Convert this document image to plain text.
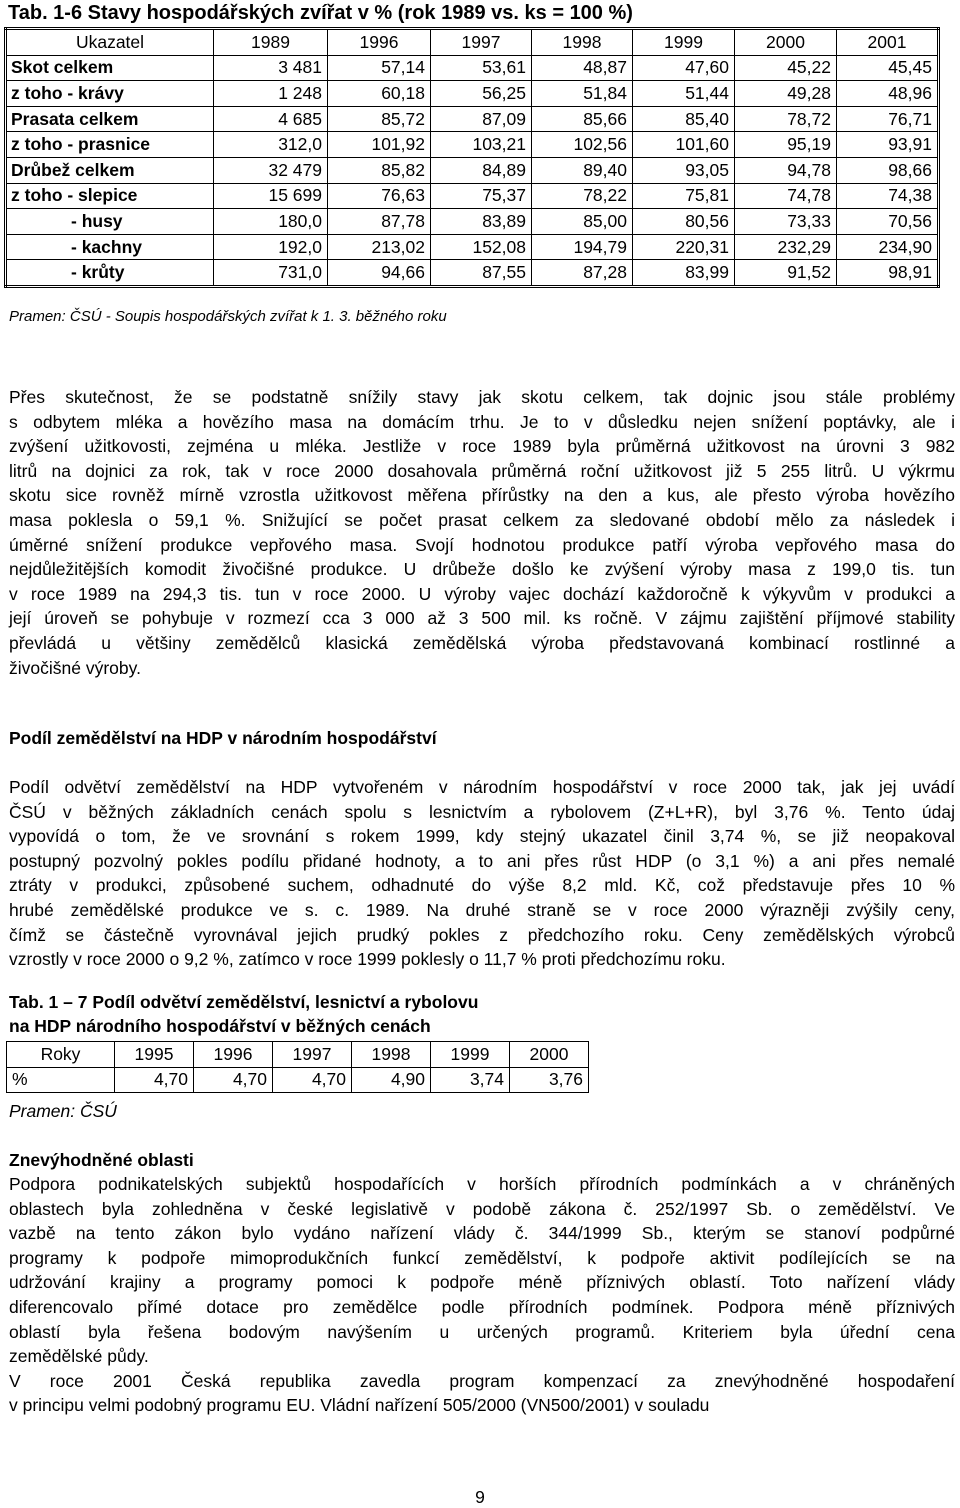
Tab. 1-6 Stavy hospodářských zvířat v % (rok 1989 vs. ks = 100 %)
Ukazatel	1989	1996	1997	1998	1999	2000	2001
Skot celkem	3 481	57,14	53,61	48,87	47,60	45,22	45,45
z toho - krávy	1 248	60,18	56,25	51,84	51,44	49,28	48,96
Prasata celkem	4 685	85,72	87,09	85,66	85,40	78,72	76,71
z toho - prasnice	312,0	101,92	103,21	102,56	101,60	95,19	93,91
Drůbež celkem	32 479	85,82	84,89	89,40	93,05	94,78	98,66
z toho - slepice	15 699	76,63	75,37	78,22	75,81	74,78	74,38
- husy	180,0	87,78	83,89	85,00	80,56	73,33	70,56
- kachny	192,0	213,02	152,08	194,79	220,31	232,29	234,90
- krůty	731,0	94,66	87,55	87,28	83,99	91,52	98,91
Pramen: ČSÚ - Soupis hospodářských zvířat k 1. 3. běžného roku
Přes skutečnost, že se podstatně snížily stavy jak skotu celkem, tak dojnic jsou stále problémy
s odbytem mléka a hovězího masa na domácím trhu. Je to v důsledku nejen snížení poptávky, ale i
zvýšení užitkovosti, zejména u mléka. Jestliže v roce 1989 byla průměrná užitkovost na úrovni 3 982
litrů na dojnici za rok, tak v roce 2000 dosahovala průměrná roční užitkovost již 5 255 litrů. U výkrmu
skotu sice rovněž mírně vzrostla užitkovost měřena přírůstky na den a kus, ale přesto výroba hovězího
masa poklesla o 59,1 %. Snižující se počet prasat celkem za sledované období mělo za následek i
úměrné snížení produkce vepřového masa. Svojí hodnotou produkce patří výroba vepřového masa do
nejdůležitějších komodit živočišné produkce. U drůbeže došlo ke zvýšení výroby masa z 199,0 tis. tun
v roce 1989 na 294,3 tis. tun v roce 2000. U výroby vajec dochází každoročně k výkyvům v produkci a
její úroveň se pohybuje v rozmezí cca 3 000 až 3 500 mil. ks ročně. V zájmu zajištění příjmové stability
převládá u většiny zemědělců klasická zemědělská výroba představovaná kombinací rostlinné a
živočišné výroby.
Podíl zemědělství na HDP v národním hospodářství
Podíl odvětví zemědělství na HDP vytvořeném v národním hospodářství v roce 2000 tak, jak jej uvádí
ČSÚ v běžných základních cenách spolu s lesnictvím a rybolovem (Z+L+R), byl 3,76 %. Tento údaj
vypovídá o tom, že ve srovnání s rokem 1999, kdy stejný ukazatel činil 3,74 %, se již neopakoval
postupný pozvolný pokles podílu přidané hodnoty, a to ani přes růst HDP (o 3,1 %) a ani přes nemalé
ztráty v produkci, způsobené suchem, odhadnuté do výše 8,2 mld. Kč, což představuje přes 10 %
hrubé zemědělské produkce ve s. c. 1989. Na druhé straně se v roce 2000 výrazněji zvýšily ceny,
čímž se částečně vyrovnával jejich prudký pokles z předchozího roku. Ceny zemědělských výrobců
vzrostly v roce 2000 o 9,2 %, zatímco v roce 1999 poklesly o 11,7 % proti předchozímu roku.
Tab. 1 – 7 Podíl odvětví zemědělství, lesnictví a rybolovu
na HDP národního hospodářství v běžných cenách
Roky	1995	1996	1997	1998	1999	2000
%	4,70	4,70	4,70	4,90	3,74	3,76
Pramen: ČSÚ
Znevýhodněné oblasti
Podpora podnikatelských subjektů hospodařících v horších přírodních podmínkách a v chráněných
oblastech byla zohledněna v české legislativě v podobě zákona č. 252/1997 Sb. o zemědělství. Ve
vazbě na tento zákon bylo vydáno nařízení vlády č. 344/1999 Sb., kterým se stanoví podpůrné
programy k podpoře mimoprodukčních funkcí zemědělství, k podpoře aktivit podílejících se na
udržování krajiny a programy pomoci k podpoře méně příznivých oblastí. Toto nařízení vlády
diferencovalo přímé dotace pro zemědělce podle přírodních podmínek. Podpora méně příznivých
oblastí byla řešena bodovým navýšením u určených programů. Kriteriem byla úřední cena
zemědělské půdy.
V roce 2001 Česká republika zavedla program kompenzací za znevýhodněné hospodaření
v principu velmi podobný programu EU. Vládní nařízení 505/2000 (VN500/2001) v souladu
9
